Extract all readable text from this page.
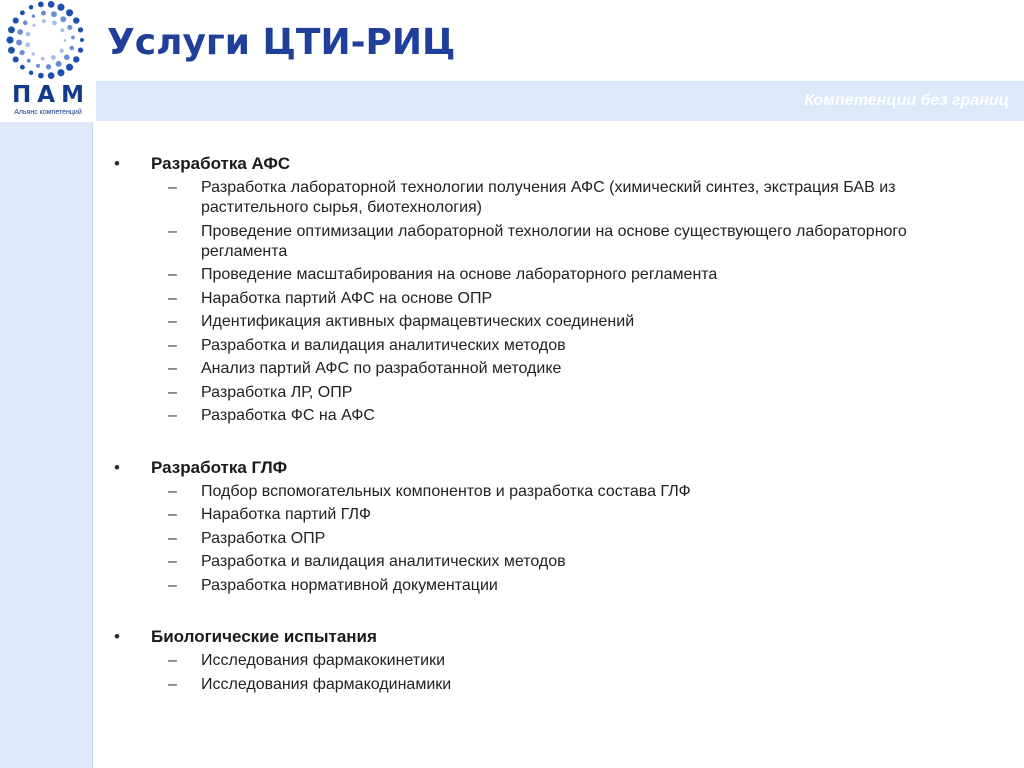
ПАМ
Альянс компетенций
Услуги ЦТИ-РИЦ
Компетенции без границ
•	Разработка АФС
–	Разработка лабораторной технологии получения АФС (химический синтез, экстрация БАВ из растительного сырья, биотехнология)
–	Проведение оптимизации лабораторной технологии на основе существующего лабораторного регламента
–	Проведение масштабирования на основе лабораторного регламента
–	Наработка партий АФС на основе ОПР
–	Идентификация активных фармацевтических соединений
–	Разработка и валидация аналитических методов
–	Анализ партий АФС по разработанной методике
–	Разработка ЛР, ОПР
–	Разработка ФС на АФС
•	Разработка ГЛФ
–	Подбор вспомогательных компонентов и разработка состава ГЛФ
–	Наработка партий ГЛФ
–	Разработка ОПР
–	Разработка и валидация аналитических методов
–	Разработка нормативной документации
•	Биологические испытания
–	Исследования фармакокинетики
–	Исследования фармакодинамики
